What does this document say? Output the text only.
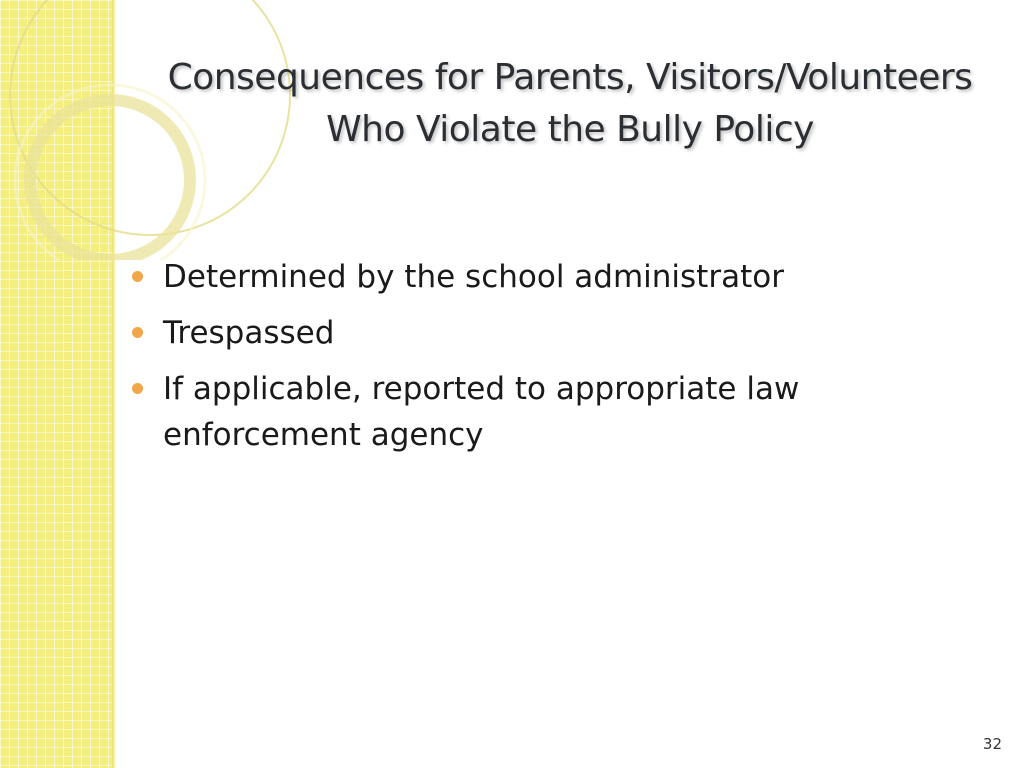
Consequences for Parents, Visitors/Volunteers
Who Violate the Bully Policy
Determined by the school administrator
Trespassed
If applicable, reported to appropriate law enforcement agency
32
